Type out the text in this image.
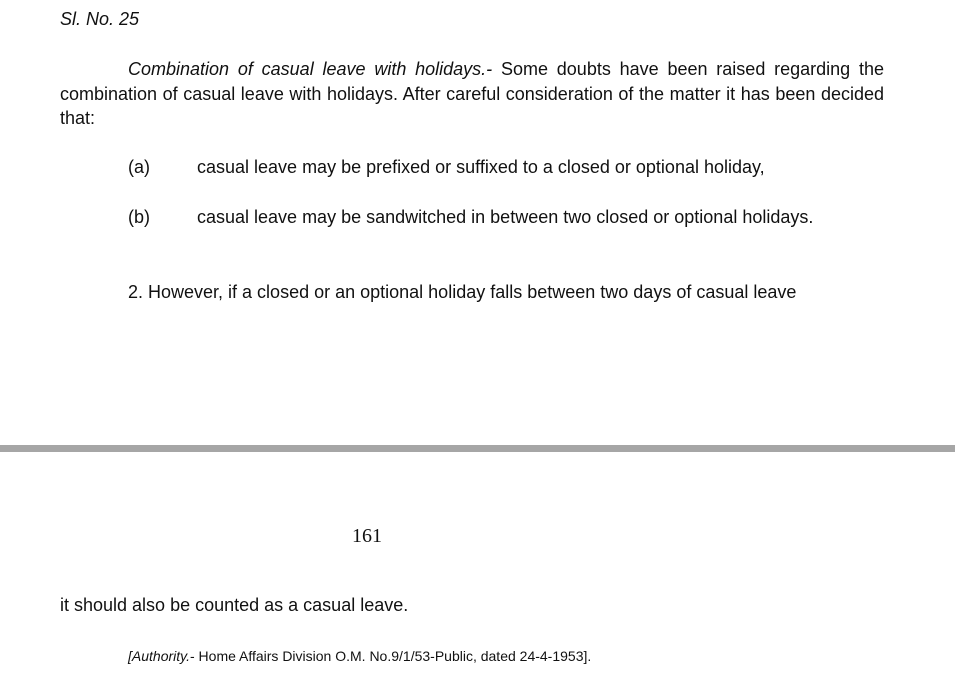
Sl. No. 25

Combination of casual leave with holidays.- Some doubts have been raised regarding the combination of casual leave with holidays. After careful consideration of the matter it has been decided that:

(a)	casual leave may be prefixed or suffixed to a closed or optional holiday,
(b)	casual leave may be sandwitched in between two closed or optional holidays.
2. However, if a closed or an optional holiday falls between two days of casual leave
161
it should also be counted as a casual leave.
[Authority.- Home Affairs Division O.M. No.9/1/53-Public, dated 24-4-1953].
